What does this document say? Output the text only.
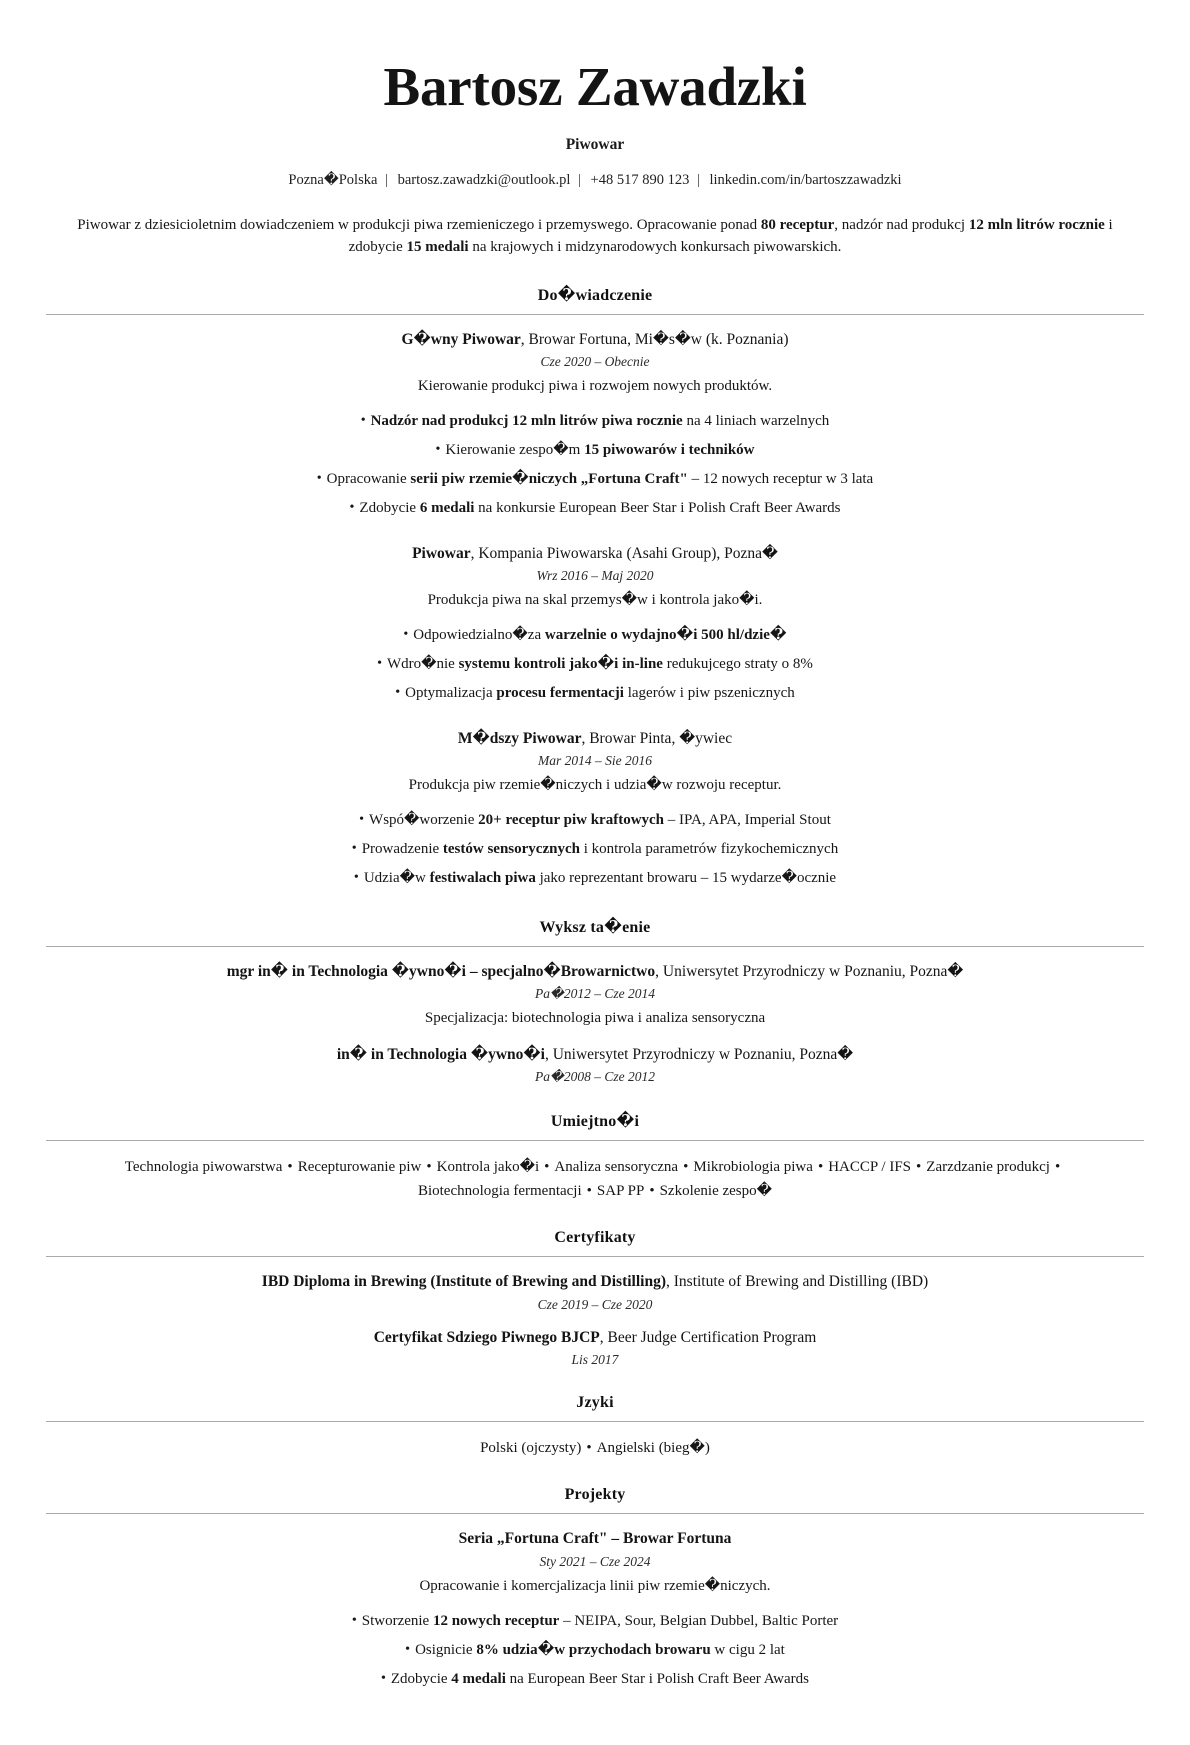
Bartosz Zawadzki
Piwowar
Pozna�Polska | bartosz.zawadzki@outlook.pl | +48 517 890 123 | linkedin.com/in/bartoszzawadzki

Piwowar z dziesicioletnim dowiadczeniem w produkcji piwa rzemieniczego i przemyswego. Opracowanie ponad 80 receptur, nadzór nad produkcj 12 mln litrów rocznie i zdobycie 15 medali na krajowych i midzynarodowych konkursach piwowarskich.

Do�wiadczenie
G�wny Piwowar, Browar Fortuna, Mi�s�w (k. Poznania)
Cze 2020 – Obecnie
Kierowanie produkcj piwa i rozwojem nowych produktów.
• Nadzór nad produkcj 12 mln litrów piwa rocznie na 4 liniach warzelnych
• Kierowanie zespo�m 15 piwowarów i techników
• Opracowanie serii piw rzemie�niczych „Fortuna Craft" – 12 nowych receptur w 3 lata
• Zdobycie 6 medali na konkursie European Beer Star i Polish Craft Beer Awards
Piwowar, Kompania Piwowarska (Asahi Group), Pozna�
Wrz 2016 – Maj 2020
Produkcja piwa na skal przemys�w i kontrola jako�i.
• Odpowiedzialno�za warzelnie o wydajno�i 500 hl/dzie�
• Wdro�nie systemu kontroli jako�i in-line redukujcego straty o 8%
• Optymalizacja procesu fermentacji lagerów i piw pszenicznych
M�dszy Piwowar, Browar Pinta, �ywiec
Mar 2014 – Sie 2016
Produkcja piw rzemie�niczych i udzia�w rozwoju receptur.
• Wspó�worzenie 20+ receptur piw kraftowych – IPA, APA, Imperial Stout
• Prowadzenie testów sensorycznych i kontrola parametrów fizykochemicznych
• Udzia�w festiwalach piwa jako reprezentant browaru – 15 wydarze�ocznie
Wyksz ta�enie
mgr in� in Technologia �ywno�i – specjalno�Browarnictwo, Uniwersytet Przyrodniczy w Poznaniu, Pozna�
Pa�2012 – Cze 2014
Specjalizacja: biotechnologia piwa i analiza sensoryczna
in� in Technologia �ywno�i, Uniwersytet Przyrodniczy w Poznaniu, Pozna�
Pa�2008 – Cze 2012
Umiejtno�i
Technologia piwowarstwa • Recepturowanie piw • Kontrola jako�i • Analiza sensoryczna • Mikrobiologia piwa • HACCP / IFS • Zarzdzanie produkcj •Biotechnologia fermentacji • SAP PP • Szkolenie zespo�
Certyfikaty
IBD Diploma in Brewing (Institute of Brewing and Distilling), Institute of Brewing and Distilling (IBD)
Cze 2019 – Cze 2020
Certyfikat Sdziego Piwnego BJCP, Beer Judge Certification Program
Lis 2017
Jzyki
Polski (ojczysty) • Angielski (bieg�)
Projekty
Seria „Fortuna Craft" – Browar Fortuna
Sty 2021 – Cze 2024
Opracowanie i komercjalizacja linii piw rzemie�niczych.
• Stworzenie 12 nowych receptur – NEIPA, Sour, Belgian Dubbel, Baltic Porter
• Osignicie 8% udzia�w przychodach browaru w cigu 2 lat
• Zdobycie 4 medali na European Beer Star i Polish Craft Beer Awards
